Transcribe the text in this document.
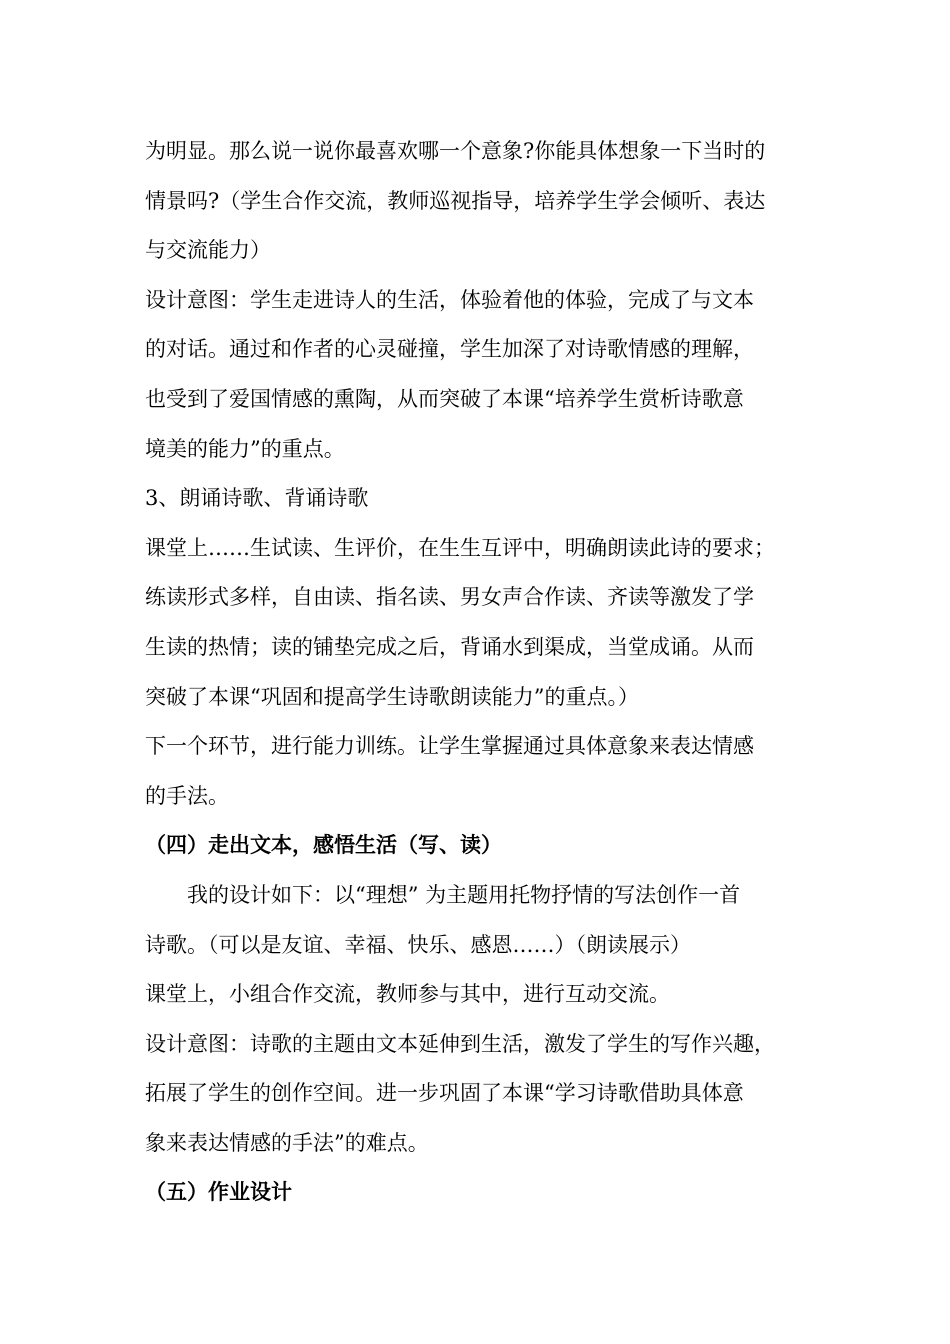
为明显。那么说一说你最喜欢哪一个意象?你能具体想象一下当时的

情景吗?（学生合作交流，教师巡视指导，培养学生学会倾听、表达

与交流能力）

设计意图：学生走进诗人的生活，体验着他的体验，完成了与文本

的对话。通过和作者的心灵碰撞，学生加深了对诗歌情感的理解，

也受到了爱国情感的熏陶，从而突破了本课“培养学生赏析诗歌意

境美的能力”的重点。

3、朗诵诗歌、背诵诗歌

课堂上……生试读、生评价，在生生互评中，明确朗读此诗的要求；

练读形式多样，自由读、指名读、男女声合作读、齐读等激发了学

生读的热情；读的铺垫完成之后，背诵水到渠成，当堂成诵。从而

突破了本课“巩固和提高学生诗歌朗读能力”的重点。）

下一个环节，进行能力训练。让学生掌握通过具体意象来表达情感

的手法。

（四）走出文本，感悟生活（写、读）

我的设计如下：以“理想” 为主题用托物抒情的写法创作一首

诗歌。（可以是友谊、幸福、快乐、感恩……）（朗读展示）

课堂上，小组合作交流，教师参与其中，进行互动交流。

设计意图：诗歌的主题由文本延伸到生活，激发了学生的写作兴趣，

拓展了学生的创作空间。进一步巩固了本课“学习诗歌借助具体意

象来表达情感的手法”的难点。

（五）作业设计
